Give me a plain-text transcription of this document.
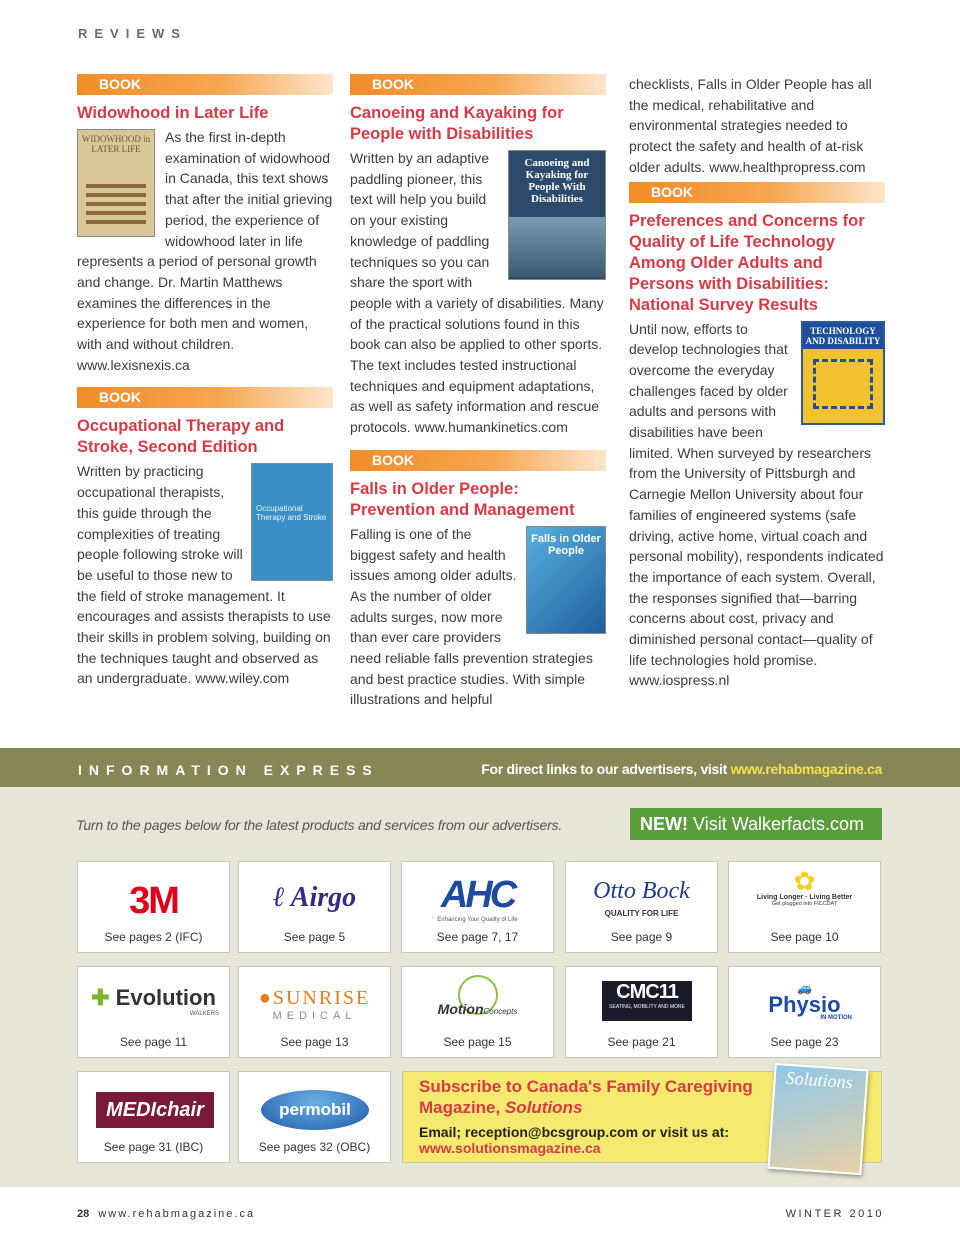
REVIEWS
BOOK
Widowhood in Later Life
WIDOWHOOD in LATER LIFE
As the first in-depth examination of widowhood in Canada, this text shows that after the initial grieving period, the experience of widowhood later in life represents a period of personal growth and change. Dr. Martin Matthews examines the differences in the experience for both men and women, with and without children. www.lexisnexis.ca
BOOK
Occupational Therapy and Stroke, Second Edition
Occupational Therapy and Stroke
Written by practicing occupational therapists, this guide through the complexities of treating people following stroke will be useful to those new to the field of stroke management. It encourages and assists therapists to use their skills in problem solving, building on the techniques taught and observed as an undergraduate. www.wiley.com
BOOK
Canoeing and Kayaking for People with Disabilities
Canoeing and Kayaking for People With Disabilities
Written by an adaptive paddling pioneer, this text will help you build on your existing knowledge of paddling techniques so you can share the sport with people with a variety of disabilities. Many of the practical solutions found in this book can also be applied to other sports. The text includes tested instructional techniques and equipment adaptations, as well as safety information and rescue protocols. www.humankinetics.com
BOOK
Falls in Older People: Prevention and Management
Falls in Older People
Falling is one of the biggest safety and health issues among older adults. As the number of older adults surges, now more than ever care providers need reliable falls prevention strategies and best practice studies. With simple illustrations and helpful
checklists, Falls in Older People has all the medical, rehabilitative and environmental strategies needed to protect the safety and health of at-risk older adults. www.healthpropress.com
BOOK
Preferences and Concerns for Quality of Life Technology Among Older Adults and Persons with Disabilities: National Survey Results
TECHNOLOGY AND DISABILITY
Until now, efforts to develop technologies that overcome the everyday challenges faced by older adults and persons with disabilities have been limited. When surveyed by researchers from the University of Pittsburgh and Carnegie Mellon University about four families of engineered systems (safe driving, active home, virtual coach and personal mobility), respondents indicated the importance of each system. Overall, the responses signified that—barring concerns about cost, privacy and diminished personal contact—quality of life technologies hold promise. www.iospress.nl
INFORMATION EXPRESS	For direct links to our advertisers, visit www.rehabmagazine.ca
Turn to the pages below for the latest products and services from our advertisers.	NEW! Visit Walkerfacts.com
3M
See pages 2 (IFC)
ℓ Airgo
See page 5
AHC
Enhancing Your Quality of Life
See page 7, 17
Otto Bock
QUALITY FOR LIFE
See page 9
✿
Living Longer · Living Better
Get plugged into FICCDAT
See page 10
✚ Evolution
WALKERS
See page 11
●SUNRISE
MEDICAL
See page 13
MotionConcepts
See page 15
CMC11
SEATING, MOBILITY AND MORE
See page 21
🚙
Physio
IN MOTION
See page 23
MEDIchair
See page 31 (IBC)
permobil
See pages 32 (OBC)
Subscribe to Canada's Family Caregiving
Magazine, Solutions
Email; reception@bcsgroup.com or visit us at:
www.solutionsmagazine.ca
Solutions
28 www.rehabmagazine.ca	WINTER 2010
